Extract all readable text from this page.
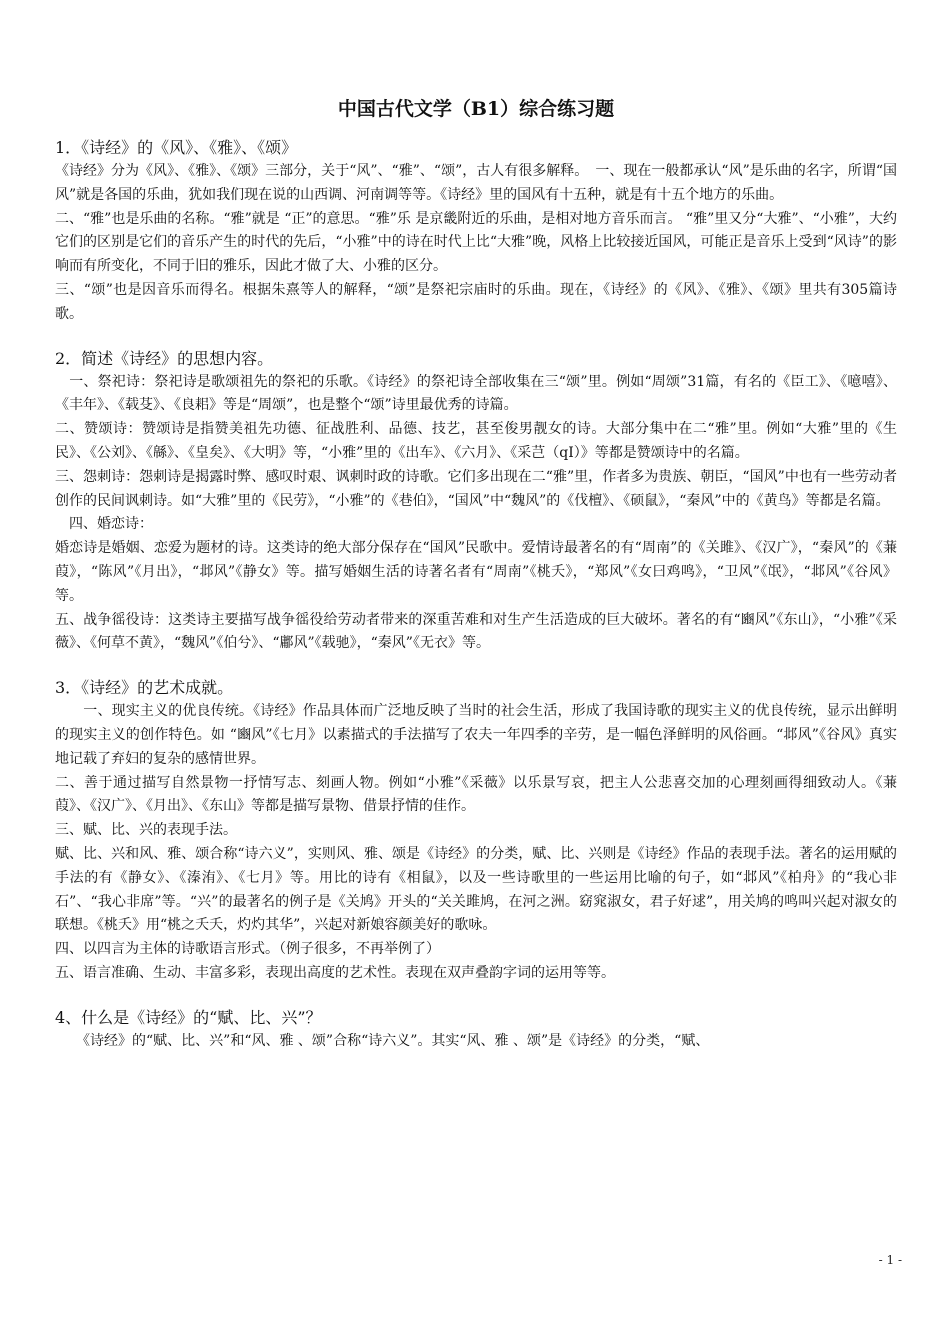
中国古代文学（B1）综合练习题
1．《诗经》的《风》、《雅》、《颂》
《诗经》分为《风》、《雅》、《颂》三部分，关于“风”、“雅”、“颂”，古人有很多解释。　一、现在一般都承认“风”是乐曲的名字，所谓“国风”就是各国的乐曲，犹如我们现在说的山西调、河南调等等。《诗经》里的国风有十五种，就是有十五个地方的乐曲。
二、“雅”也是乐曲的名称。“雅”就是 “正”的意思。“雅”乐 是京畿附近的乐曲，是相对地方音乐而言。 “雅”里又分“大雅”、“小雅”，大约它们的区别是它们的音乐产生的时代的先后，“小雅”中的诗在时代上比“大雅”晚，风格上比较接近国风，可能正是音乐上受到“风诗”的影响而有所变化，不同于旧的雅乐，因此才做了大、小雅的区分。
三、“颂”也是因音乐而得名。根据朱熹等人的解释，“颂”是祭祀宗庙时的乐曲。现在，《诗经》的《风》、《雅》、《颂》里共有305篇诗歌。
2．简述《诗经》的思想内容。
　一、祭祀诗：祭祀诗是歌颂祖先的祭祀的乐歌。《诗经》的祭祀诗全部收集在三“颂”里。例如“周颂”31篇，有名的《臣工》、《噫嘻》、《丰年》、《载芟》、《良耜》等是“周颂”，也是整个“颂”诗里最优秀的诗篇。
二、赞颂诗：赞颂诗是指赞美祖先功德、征战胜利、品德、技艺，甚至俊男靓女的诗。大部分集中在二“雅”里。例如“大雅”里的《生民》、《公刘》、《緜》、《皇矣》、《大明》等，“小雅”里的《出车》、《六月》、《采芑（qI）》等都是赞颂诗中的名篇。
三、怨刺诗：怨刺诗是揭露时弊、感叹时艰、讽刺时政的诗歌。它们多出现在二“雅”里，作者多为贵族、朝臣，“国风”中也有一些劳动者创作的民间讽刺诗。如“大雅”里的《民劳》，“小雅”的《巷伯》，“国风”中“魏风”的《伐檀》、《硕鼠》，“秦风”中的《黄鸟》等都是名篇。
　四、婚恋诗：
婚恋诗是婚姻、恋爱为题材的诗。这类诗的绝大部分保存在“国风”民歌中。爱情诗最著名的有“周南”的《关雎》、《汉广》，“秦风”的《蒹葭》，“陈风”《月出》，“邶风”《静女》等。描写婚姻生活的诗著名者有“周南”《桃夭》，“郑风”《女曰鸡鸣》，“卫风”《氓》，“邶风”《谷风》等。
五、战争徭役诗：这类诗主要描写战争徭役给劳动者带来的深重苦难和对生产生活造成的巨大破坏。著名的有“豳风”《东山》，“小雅”《采薇》、《何草不黄》，“魏风”《伯兮》、“鄘风”《载驰》，“秦风”《无衣》等。
3．《诗经》的艺术成就。
　　一、现实主义的优良传统。《诗经》作品具体而广泛地反映了当时的社会生活，形成了我国诗歌的现实主义的优良传统，显示出鲜明的现实主义的创作特色。如 “豳风”《七月》以素描式的手法描写了农夫一年四季的辛劳，是一幅色泽鲜明的风俗画。“邶风”《谷风》真实地记载了弃妇的复杂的感情世界。
二、善于通过描写自然景物一抒情写志、刻画人物。例如“小雅”《采薇》以乐景写哀，把主人公悲喜交加的心理刻画得细致动人。《蒹葭》、《汉广》、《月出》、《东山》等都是描写景物、借景抒情的佳作。
三、赋、比、兴的表现手法。
赋、比、兴和风、雅、颂合称“诗六义”，实则风、雅、颂是《诗经》的分类，赋、比、兴则是《诗经》作品的表现手法。著名的运用赋的手法的有《静女》、《溱洧》、《七月》等。用比的诗有《相鼠》，以及一些诗歌里的一些运用比喻的句子，如“邶风”《柏舟》的“我心非石”、“我心非席”等。“兴”的最著名的例子是《关鸠》开头的“关关雎鸠，在河之洲。窈窕淑女，君子好逑”，用关鸠的鸣叫兴起对淑女的联想。《桃夭》用“桃之夭夭，灼灼其华”，兴起对新娘容颜美好的歌咏。
四、以四言为主体的诗歌语言形式。（例子很多，不再举例了）
五、语言准确、生动、丰富多彩，表现出高度的艺术性。表现在双声叠韵字词的运用等等。
4、什么是《诗经》的“赋、比、兴”？
　　《诗经》的“赋、比、兴”和“风、雅 、颂”合称“诗六义”。其实“风、雅 、颂”是《诗经》的分类，“赋、
- 1 -
